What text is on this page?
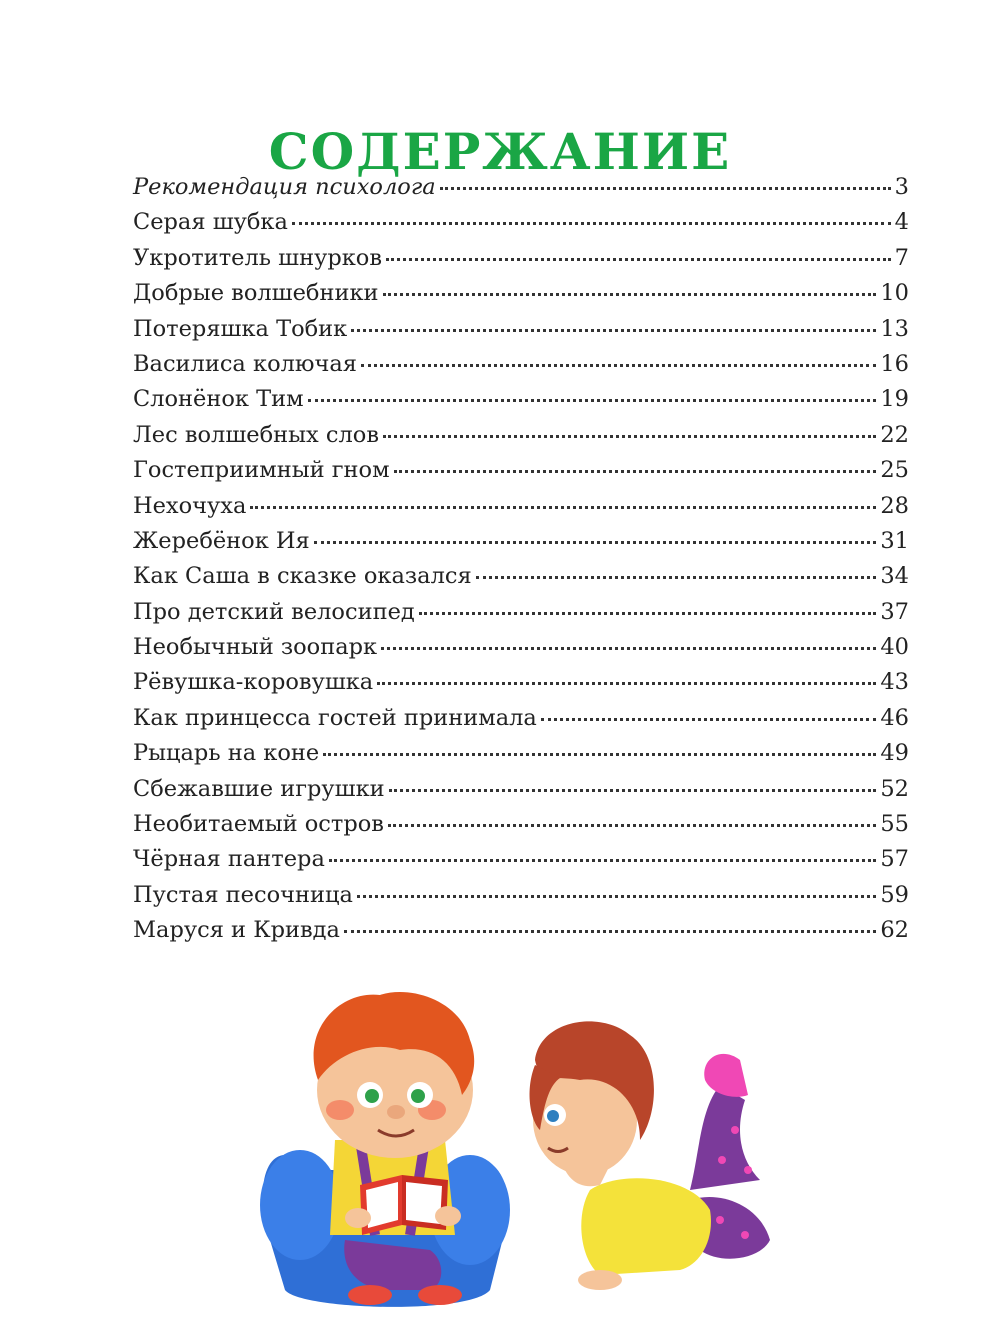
СОДЕРЖАНИЕ
Рекомендация психолога	3
Серая шубка	4
Укротитель шнурков	7
Добрые волшебники	10
Потеряшка Тобик	13
Василиса колючая	16
Слонёнок Тим	19
Лес волшебных слов	22
Гостеприимный гном	25
Нехочуха	28
Жеребёнок Ия	31
Как Саша в сказке оказался	34
Про детский велосипед	37
Необычный зоопарк	40
Рёвушка-коровушка	43
Как принцесса гостей принимала	46
Рыцарь на коне	49
Сбежавшие игрушки	52
Необитаемый остров	55
Чёрная пантера	57
Пустая песочница	59
Маруся и Кривда	62
